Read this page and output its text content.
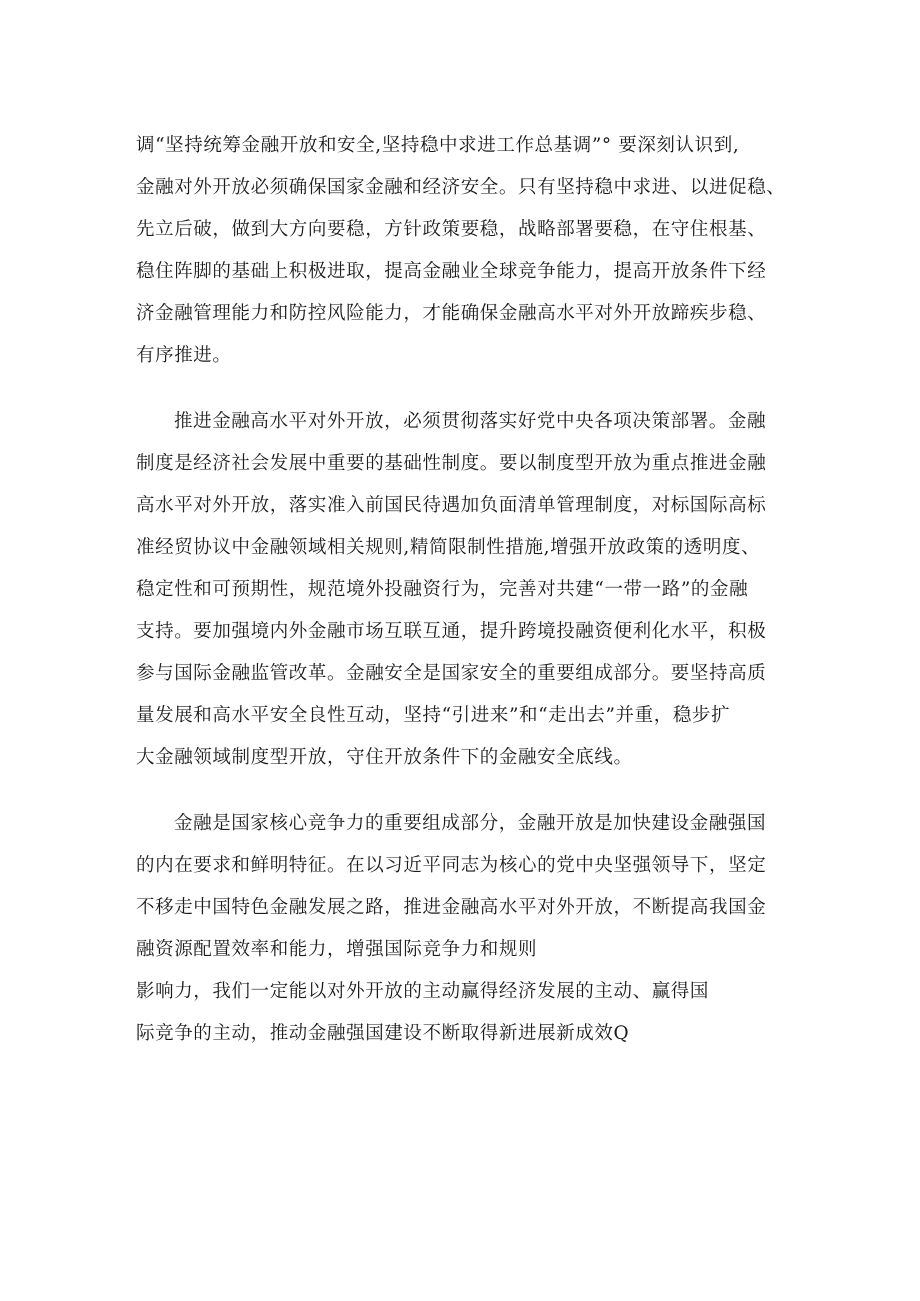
调“坚持统筹金融开放和安全,坚持稳中求进工作总基调”° 要深刻认识到,
金融对外开放必须确保国家金融和经济安全。只有坚持稳中求进、以进促稳、
先立后破，做到大方向要稳，方针政策要稳，战略部署要稳，在守住根基、
稳住阵脚的基础上积极进取，提高金融业全球竞争能力，提高开放条件下经
济金融管理能力和防控风险能力，才能确保金融高水平对外开放蹄疾步稳、
有序推进。
推进金融高水平对外开放，必须贯彻落实好党中央各项决策部署。金融
制度是经济社会发展中重要的基础性制度。要以制度型开放为重点推进金融
高水平对外开放，落实准入前国民待遇加负面清单管理制度，对标国际高标
准经贸协议中金融领域相关规则,精简限制性措施,增强开放政策的透明度、
稳定性和可预期性，规范境外投融资行为，完善对共建“一带一路”的金融
支持。要加强境内外金融市场互联互通，提升跨境投融资便利化水平，积极
参与国际金融监管改革。金融安全是国家安全的重要组成部分。要坚持高质
量发展和高水平安全良性互动，坚持“引进来”和“走出去”并重，稳步扩
大金融领域制度型开放，守住开放条件下的金融安全底线。
金融是国家核心竞争力的重要组成部分，金融开放是加快建设金融强国
的内在要求和鲜明特征。在以习近平同志为核心的党中央坚强领导下，坚定
不移走中国特色金融发展之路，推进金融高水平对外开放，不断提高我国金
融资源配置效率和能力，增强国际竞争力和规则
影响力，我们一定能以对外开放的主动赢得经济发展的主动、赢得国
际竞争的主动，推动金融强国建设不断取得新进展新成效Q
